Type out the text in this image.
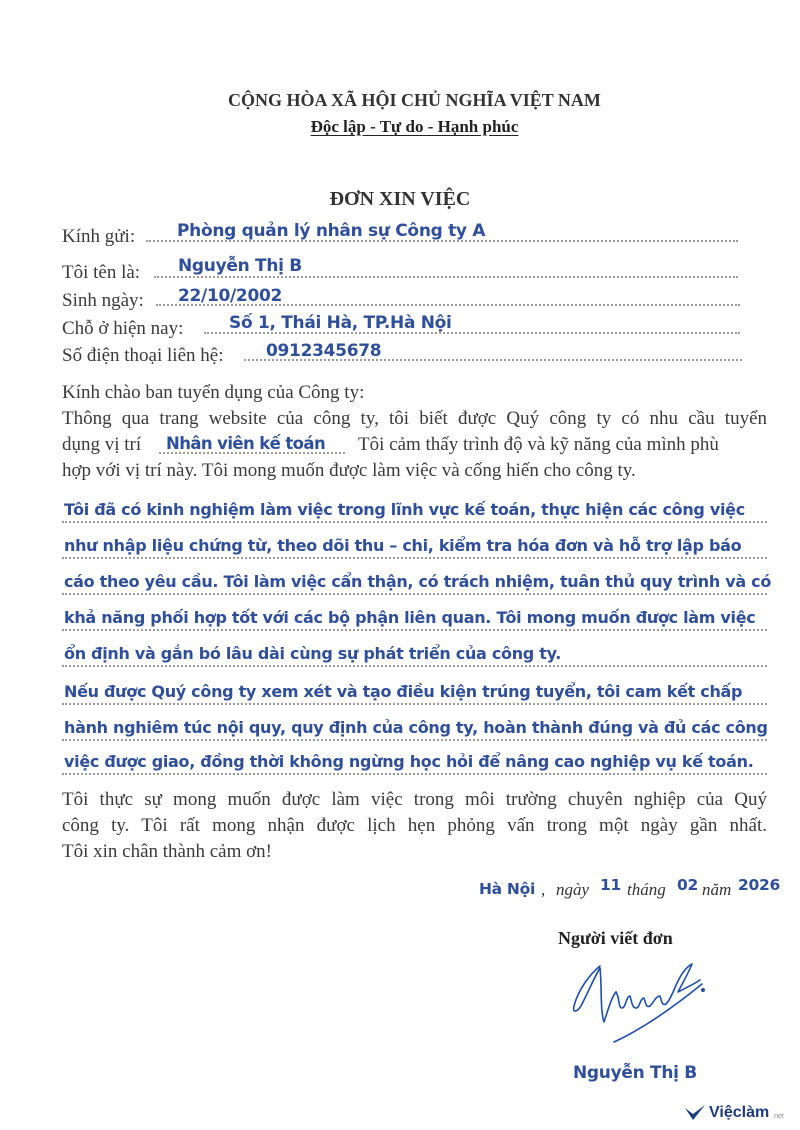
CỘNG HÒA XÃ HỘI CHỦ NGHĨA VIỆT NAM
Độc lập - Tự do - Hạnh phúc
ĐƠN XIN VIỆC
Kính gửi: Phòng quản lý nhân sự Công ty A
Tôi tên là: Nguyễn Thị B
Sinh ngày: 22/10/2002
Chỗ ở hiện nay:	Số 1, Thái Hà, TP.Hà Nội
Số điện thoại liên hệ:	0912345678
Kính chào ban tuyển dụng của Công ty:
Thông qua trang website của công ty, tôi biết được Quý công ty có nhu cầu tuyển
dụng vị trí	Tôi cảm thấy trình độ và kỹ năng của mình phù
hợp với vị trí này. Tôi mong muốn được làm việc và cống hiến cho công ty.
Nhân viên kế toán
Tôi đã có kinh nghiệm làm việc trong lĩnh vực kế toán, thực hiện các công việc
như nhập liệu chứng từ, theo dõi thu – chi, kiểm tra hóa đơn và hỗ trợ lập báo
cáo theo yêu cầu. Tôi làm việc cẩn thận, có trách nhiệm, tuân thủ quy trình và có
khả năng phối hợp tốt với các bộ phận liên quan. Tôi mong muốn được làm việc
ổn định và gắn bó lâu dài cùng sự phát triển của công ty.
Nếu được Quý công ty xem xét và tạo điều kiện trúng tuyển, tôi cam kết chấp
hành nghiêm túc nội quy, quy định của công ty, hoàn thành đúng và đủ các công
việc được giao, đồng thời không ngừng học hỏi để nâng cao nghiệp vụ kế toán.
Tôi thực sự mong muốn được làm việc trong môi trường chuyên nghiệp của Quý
công ty. Tôi rất mong nhận được lịch hẹn phỏng vấn trong một ngày gần nhất.
Tôi xin chân thành cảm ơn!
Hà Nội , ngày 11 tháng 02 năm 2026
Người viết đơn
Nguyễn Thị B
Việclàm .net
